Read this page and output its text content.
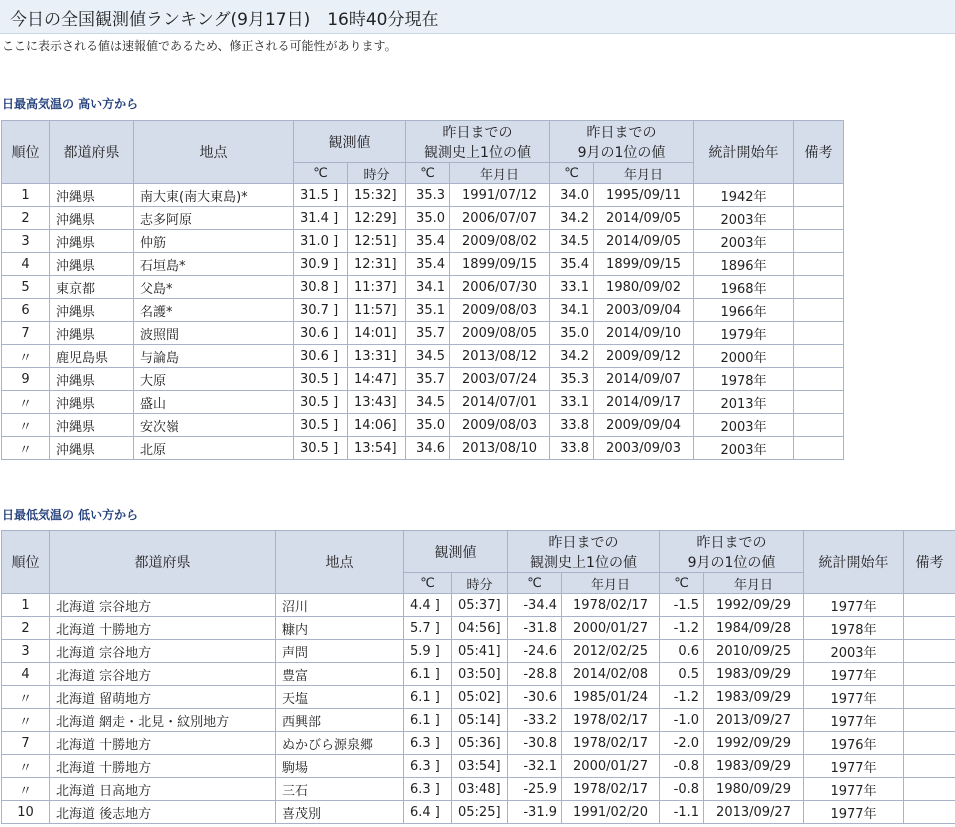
今日の全国観測値ランキング(9月17日)　16時40分現在
ここに表示される値は速報値であるため、修正される可能性があります。
日最高気温の 高い方から
順位	都道府県	地点	観測値		昨日までの
観測史上1位の値		昨日までの
9月の1位の値		統計開始年	備考
			℃	時分	℃	年月日	℃	年月日		
1	沖縄県	南大東(南大東島)*	31.5 ]	15:32]	35.3	1991/07/12	34.0	1995/09/11	1942年	
2	沖縄県	志多阿原	31.4 ]	12:29]	35.0	2006/07/07	34.2	2014/09/05	2003年	
3	沖縄県	仲筋	31.0 ]	12:51]	35.4	2009/08/02	34.5	2014/09/05	2003年	
4	沖縄県	石垣島*	30.9 ]	12:31]	35.4	1899/09/15	35.4	1899/09/15	1896年	
5	東京都	父島*	30.8 ]	11:37]	34.1	2006/07/30	33.1	1980/09/02	1968年	
6	沖縄県	名護*	30.7 ]	11:57]	35.1	2009/08/03	34.1	2003/09/04	1966年	
7	沖縄県	波照間	30.6 ]	14:01]	35.7	2009/08/05	35.0	2014/09/10	1979年	
〃	鹿児島県	与論島	30.6 ]	13:31]	34.5	2013/08/12	34.2	2009/09/12	2000年	
9	沖縄県	大原	30.5 ]	14:47]	35.7	2003/07/24	35.3	2014/09/07	1978年	
〃	沖縄県	盛山	30.5 ]	13:43]	34.5	2014/07/01	33.1	2014/09/17	2013年	
〃	沖縄県	安次嶺	30.5 ]	14:06]	35.0	2009/08/03	33.8	2009/09/04	2003年	
〃	沖縄県	北原	30.5 ]	13:54]	34.6	2013/08/10	33.8	2003/09/03	2003年	
日最低気温の 低い方から
順位	都道府県	地点	観測値		昨日までの
観測史上1位の値		昨日までの
9月の1位の値		統計開始年	備考
			℃	時分	℃	年月日	℃	年月日		
1	北海道 宗谷地方	沼川	4.4 ]	05:37]	-34.4	1978/02/17	-1.5	1992/09/29	1977年	
2	北海道 十勝地方	糠内	5.7 ]	04:56]	-31.8	2000/01/27	-1.2	1984/09/28	1978年	
3	北海道 宗谷地方	声問	5.9 ]	05:41]	-24.6	2012/02/25	0.6	2010/09/25	2003年	
4	北海道 宗谷地方	豊富	6.1 ]	03:50]	-28.8	2014/02/08	0.5	1983/09/29	1977年	
〃	北海道 留萌地方	天塩	6.1 ]	05:02]	-30.6	1985/01/24	-1.2	1983/09/29	1977年	
〃	北海道 網走・北見・紋別地方	西興部	6.1 ]	05:14]	-33.2	1978/02/17	-1.0	2013/09/27	1977年	
7	北海道 十勝地方	ぬかびら源泉郷	6.3 ]	05:36]	-30.8	1978/02/17	-2.0	1992/09/29	1976年	
〃	北海道 十勝地方	駒場	6.3 ]	03:54]	-32.1	2000/01/27	-0.8	1983/09/29	1977年	
〃	北海道 日高地方	三石	6.3 ]	03:48]	-25.9	1978/02/17	-0.8	1980/09/29	1977年	
10	北海道 後志地方	喜茂別	6.4 ]	05:25]	-31.9	1991/02/20	-1.1	2013/09/27	1977年	
